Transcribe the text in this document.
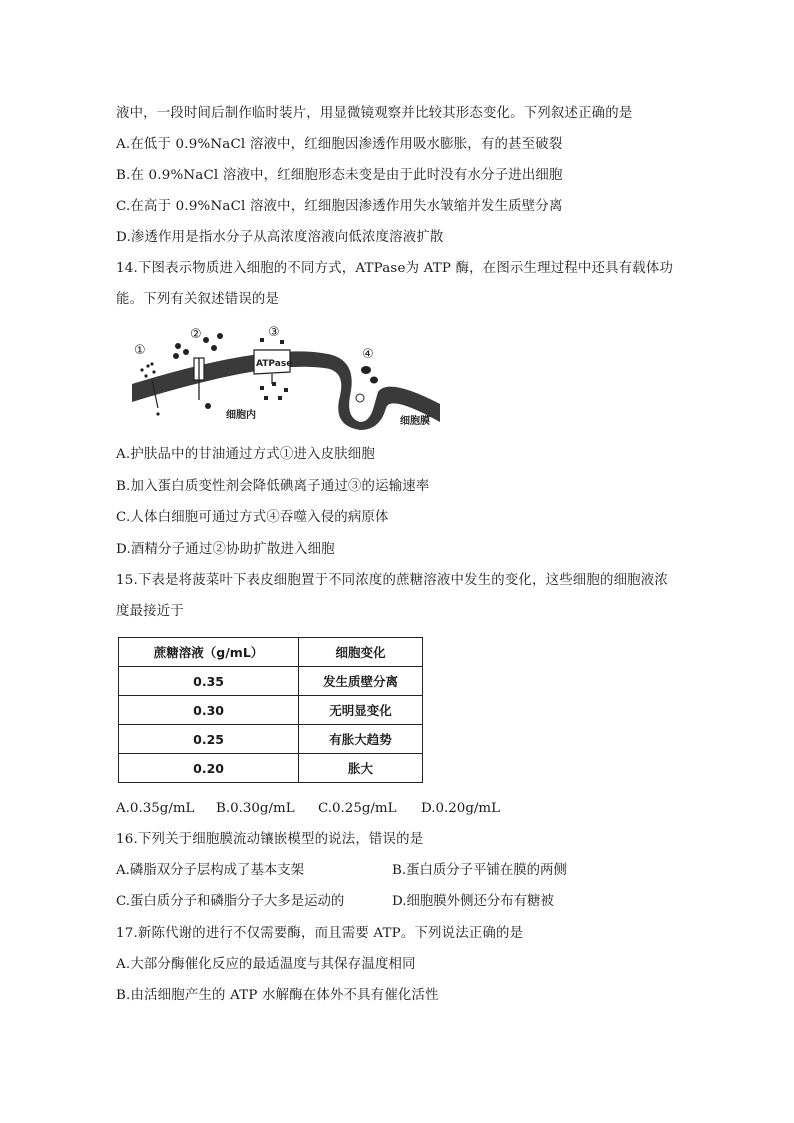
液中，一段时间后制作临时装片，用显微镜观察并比较其形态变化。下列叙述正确的是
A.在低于 0.9%NaCl 溶液中，红细胞因渗透作用吸水膨胀，有的甚至破裂
B.在 0.9%NaCl 溶液中，红细胞形态未变是由于此时没有水分子进出细胞
C.在高于 0.9%NaCl 溶液中，红细胞因渗透作用失水皱缩并发生质壁分离
D.渗透作用是指水分子从高浓度溶液向低浓度溶液扩散
14.下图表示物质进入细胞的不同方式，ATPase为 ATP 酶，在图示生理过程中还具有载体功
能。下列有关叙述错误的是
ATPase
①
②	③
④
细胞内
细胞膜
A.护肤品中的甘油通过方式①进入皮肤细胞
B.加入蛋白质变性剂会降低碘离子通过③的运输速率
C.人体白细胞可通过方式④吞噬入侵的病原体
D.酒精分子通过②协助扩散进入细胞
15.下表是将菠菜叶下表皮细胞置于不同浓度的蔗糖溶液中发生的变化，这些细胞的细胞液浓
度最接近于
蔗糖溶液（g/mL）	细胞变化
0.35	发生质壁分离
0.30	无明显变化
0.25	有胀大趋势
0.20	胀大
A.0.35g/mL B.0.30g/mL C.0.25g/mL D.0.20g/mL
16.下列关于细胞膜流动镶嵌模型的说法，错误的是
A.磷脂双分子层构成了基本支架	B.蛋白质分子平铺在膜的两侧
C.蛋白质分子和磷脂分子大多是运动的	D.细胞膜外侧还分布有糖被
17.新陈代谢的进行不仅需要酶，而且需要 ATP。下列说法正确的是
A.大部分酶催化反应的最适温度与其保存温度相同
B.由活细胞产生的 ATP 水解酶在体外不具有催化活性
